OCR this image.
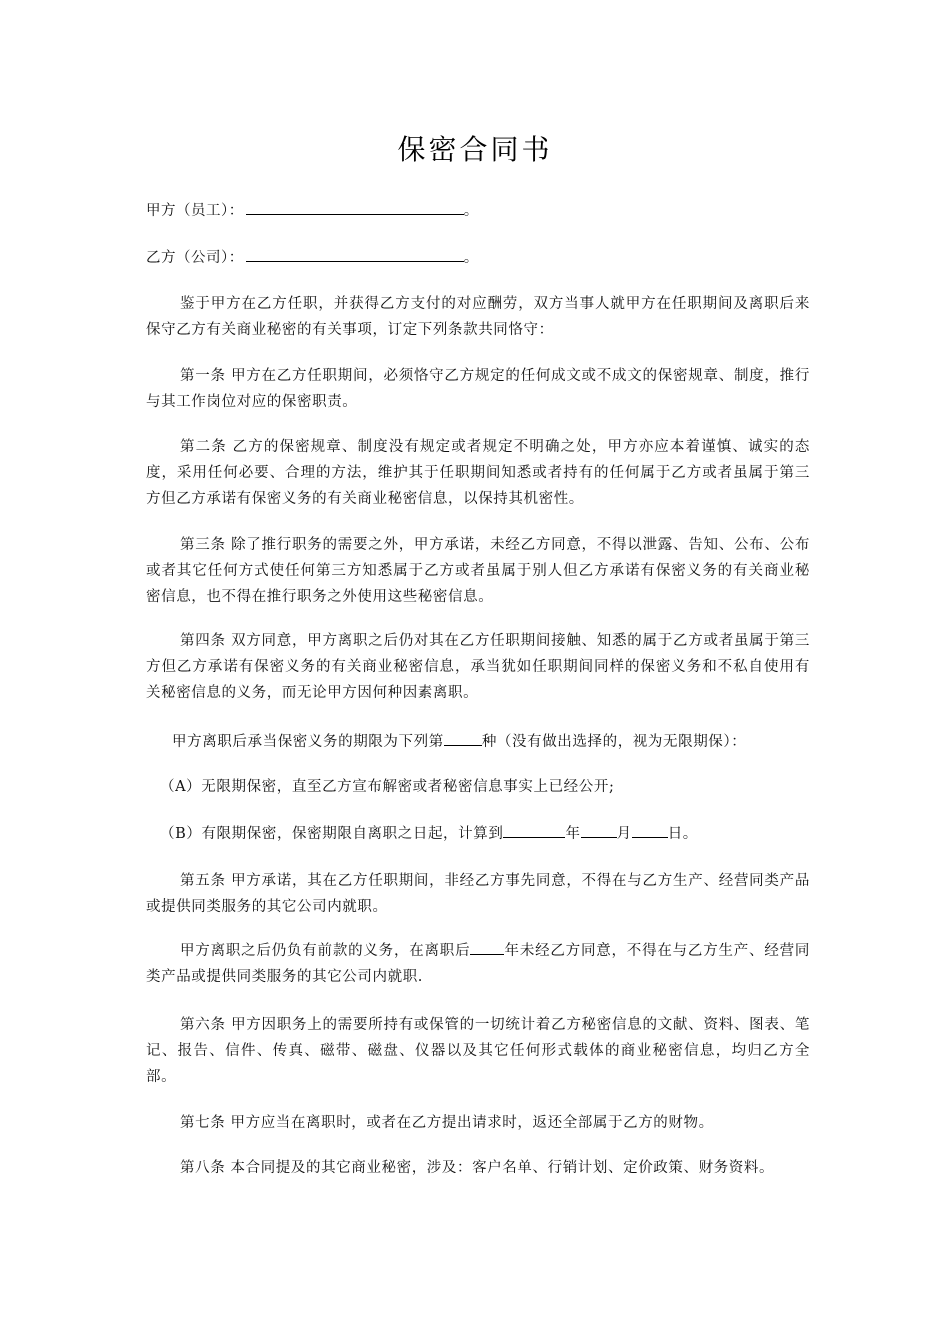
保密合同书
甲方（员工）：	。
乙方（公司）：	。
鉴于甲方在乙方任职，并获得乙方支付的对应酬劳，双方当事人就甲方在任职期间及离职后来保守乙方有关商业秘密的有关事项，订定下列条款共同恪守：
第一条 甲方在乙方任职期间，必须恪守乙方规定的任何成文或不成文的保密规章、制度，推行与其工作岗位对应的保密职责。
第二条 乙方的保密规章、制度没有规定或者规定不明确之处，甲方亦应本着谨慎、诚实的态度，采用任何必要、合理的方法，维护其于任职期间知悉或者持有的任何属于乙方或者虽属于第三方但乙方承诺有保密义务的有关商业秘密信息，以保持其机密性。
第三条 除了推行职务的需要之外，甲方承诺，未经乙方同意，不得以泄露、告知、公布、公布或者其它任何方式使任何第三方知悉属于乙方或者虽属于别人但乙方承诺有保密义务的有关商业秘密信息，也不得在推行职务之外使用这些秘密信息。
第四条 双方同意，甲方离职之后仍对其在乙方任职期间接触、知悉的属于乙方或者虽属于第三方但乙方承诺有保密义务的有关商业秘密信息，承当犹如任职期间同样的保密义务和不私自使用有关秘密信息的义务，而无论甲方因何种因素离职。
甲方离职后承当保密义务的期限为下列第	种（没有做出选择的，视为无限期保）：
（A）无限期保密，直至乙方宣布解密或者秘密信息事实上已经公开;
（B）有限期保密，保密期限自离职之日起，计算到	年 月 日。
第五条 甲方承诺，其在乙方任职期间，非经乙方事先同意，不得在与乙方生产、经营同类产品或提供同类服务的其它公司内就职。
甲方离职之后仍负有前款的义务，在离职后 年未经乙方同意，不得在与乙方生产、经营同类产品或提供同类服务的其它公司内就职.
第六条 甲方因职务上的需要所持有或保管的一切统计着乙方秘密信息的文献、资料、图表、笔记、报告、信件、传真、磁带、磁盘、仪器以及其它任何形式载体的商业秘密信息，均归乙方全部。
第七条 甲方应当在离职时，或者在乙方提出请求时，返还全部属于乙方的财物。
第八条 本合同提及的其它商业秘密，涉及：客户名单、行销计划、定价政策、财务资料。
